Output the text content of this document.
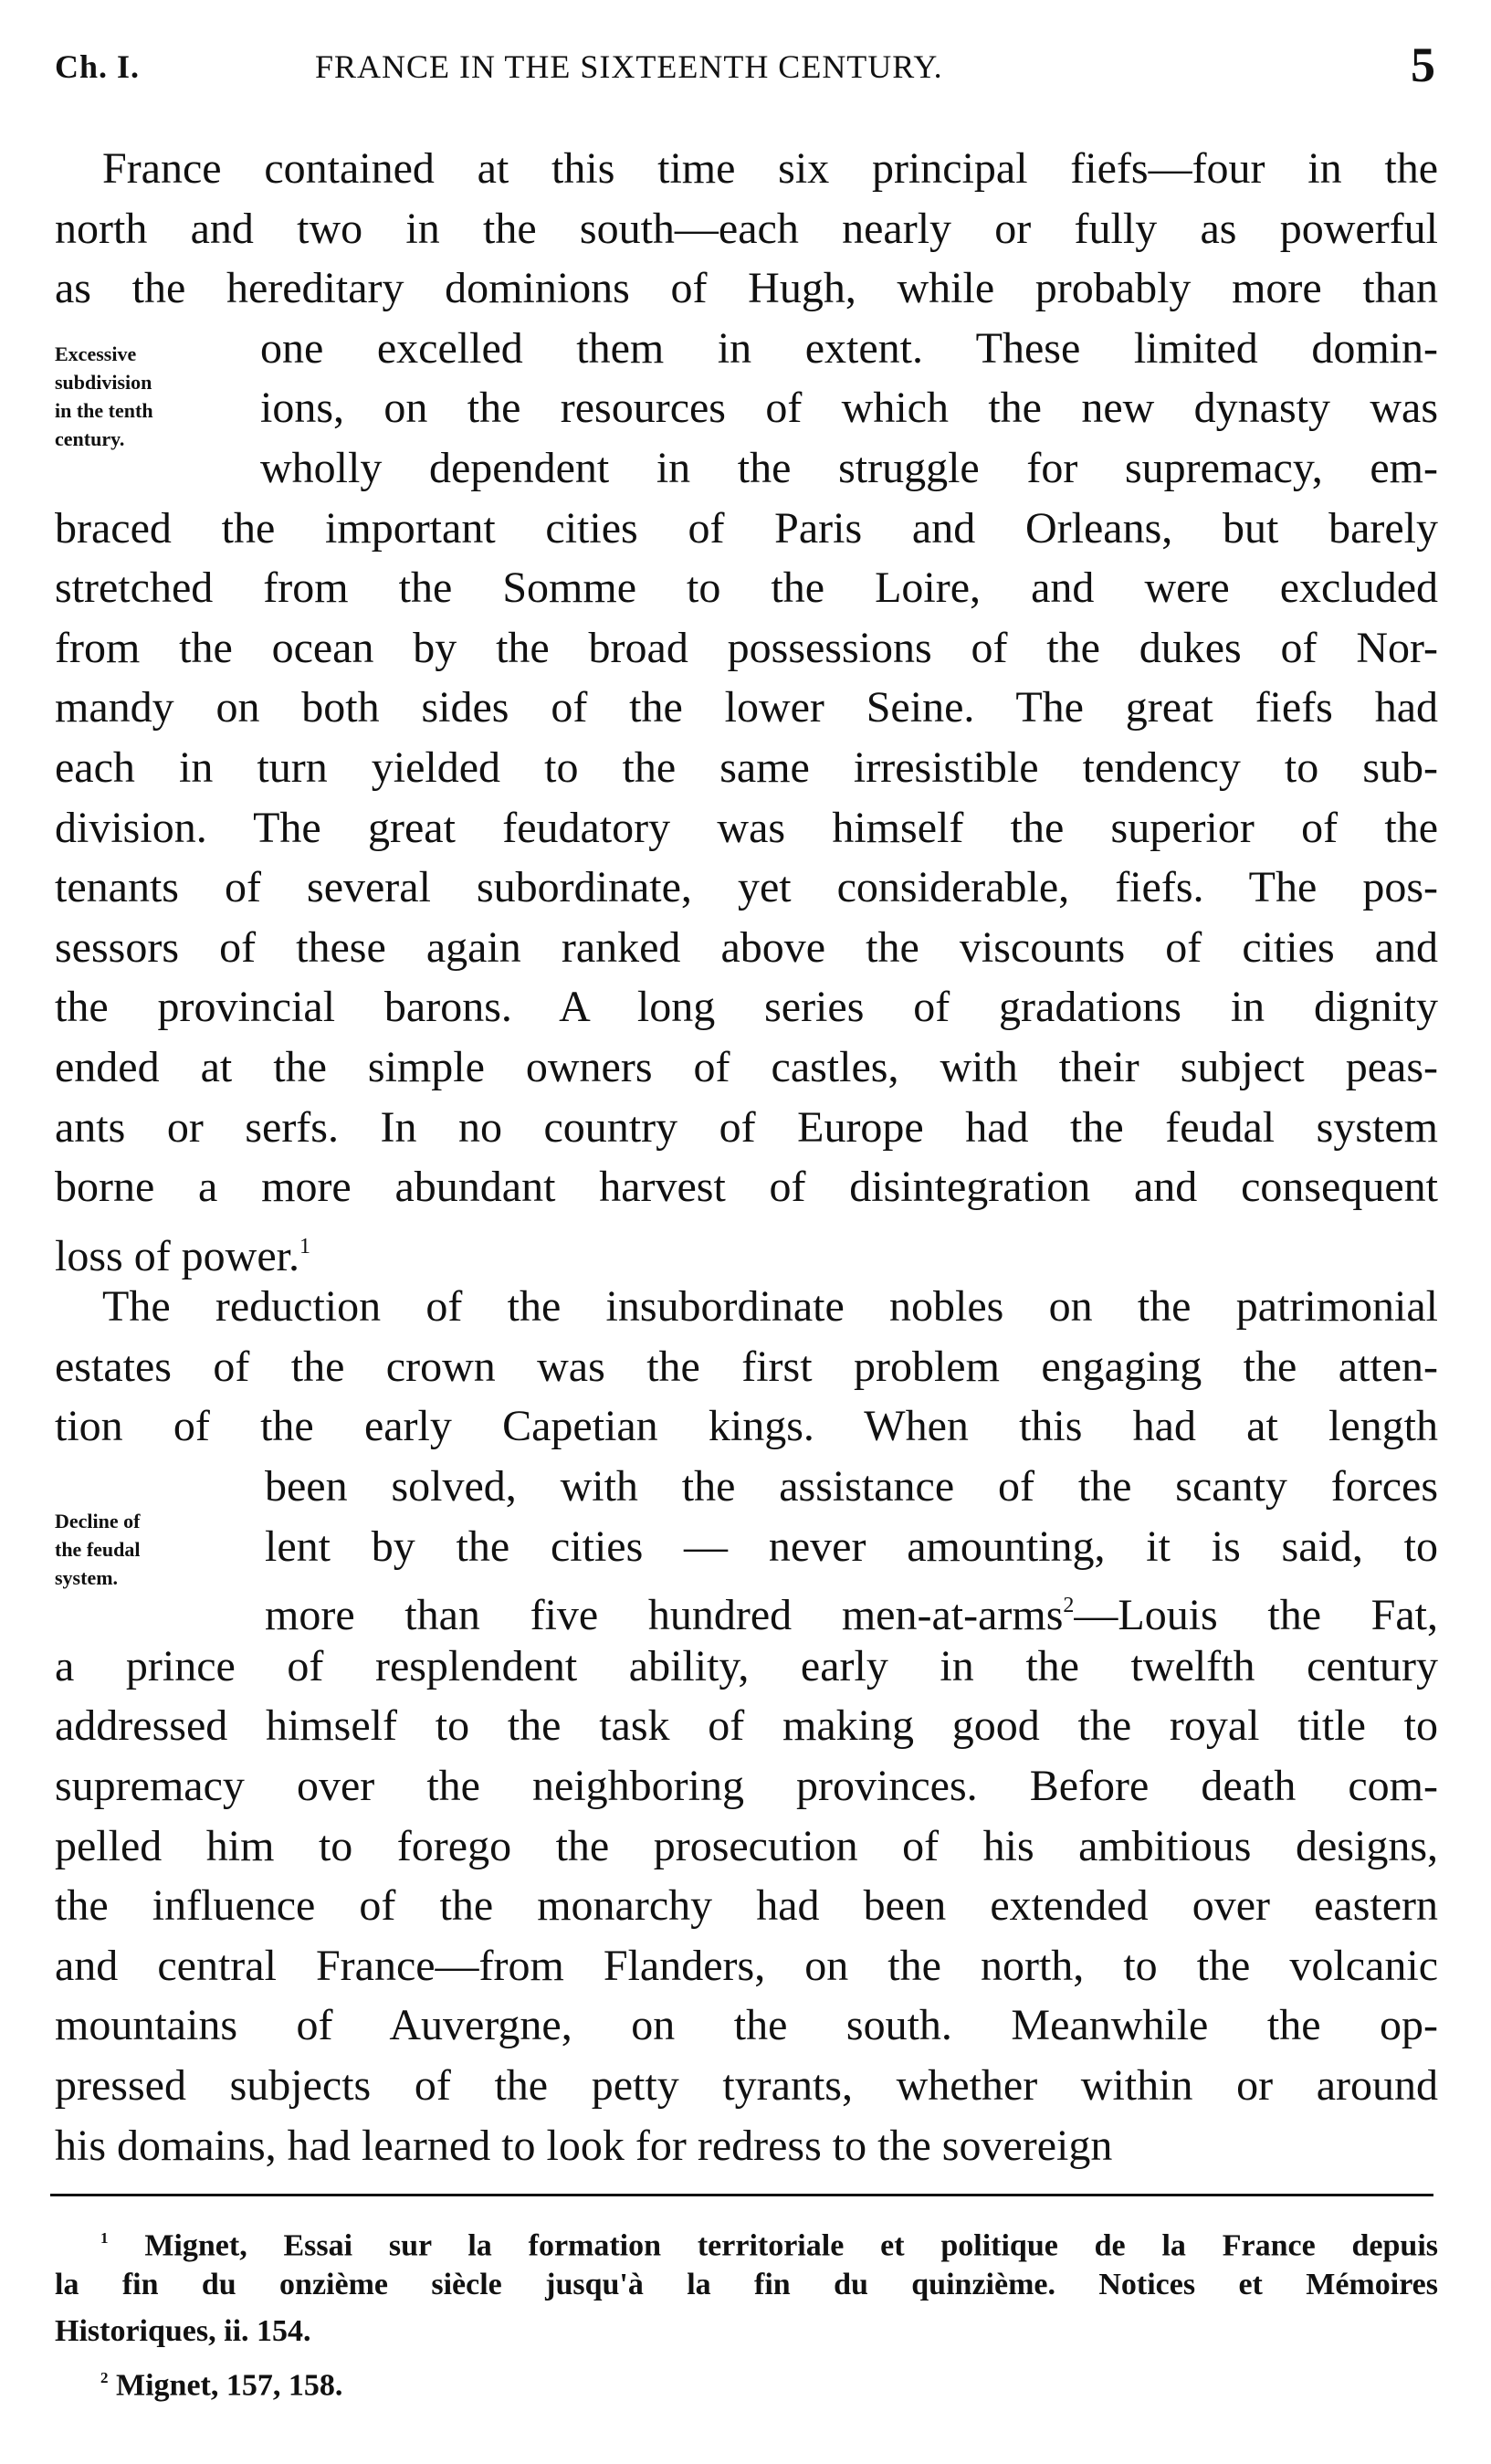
Ch. I.	FRANCE IN THE SIXTEENTH CENTURY.	5
Excessive
subdivision
in the tenth
century.
Decline of
the feudal
system.
France contained at this time six principal fiefs—four in the
north and two in the south—each nearly or fully as powerful
as the hereditary dominions of Hugh, while probably more than
one excelled them in extent. These limited domin-
ions, on the resources of which the new dynasty was
wholly dependent in the struggle for supremacy, em-
braced the important cities of Paris and Orleans, but barely
stretched from the Somme to the Loire, and were excluded
from the ocean by the broad possessions of the dukes of Nor-
mandy on both sides of the lower Seine. The great fiefs had
each in turn yielded to the same irresistible tendency to sub-
division. The great feudatory was himself the superior of the
tenants of several subordinate, yet considerable, fiefs. The pos-
sessors of these again ranked above the viscounts of cities and
the provincial barons. A long series of gradations in dignity
ended at the simple owners of castles, with their subject peas-
ants or serfs. In no country of Europe had the feudal system
borne a more abundant harvest of disintegration and consequent
loss of power.$^1$
The reduction of the insubordinate nobles on the patrimonial
estates of the crown was the first problem engaging the atten-
tion of the early Capetian kings. When this had at length
been solved, with the assistance of the scanty forces
lent by the cities — never amounting, it is said, to
more than five hundred men-at-arms$^2$—Louis the Fat,
a prince of resplendent ability, early in the twelfth century
addressed himself to the task of making good the royal title to
supremacy over the neighboring provinces. Before death com-
pelled him to forego the prosecution of his ambitious designs,
the influence of the monarchy had been extended over eastern
and central France—from Flanders, on the north, to the volcanic
mountains of Auvergne, on the south. Meanwhile the op-
pressed subjects of the petty tyrants, whether within or around
his domains, had learned to look for redress to the sovereign
$^1$ Mignet, Essai sur la formation territoriale et politique de la France depuis
la fin du onzième siècle jusqu'à la fin du quinzième. Notices et Mémoires
Historiques, ii. 154.
$^2$ Mignet, 157, 158.
